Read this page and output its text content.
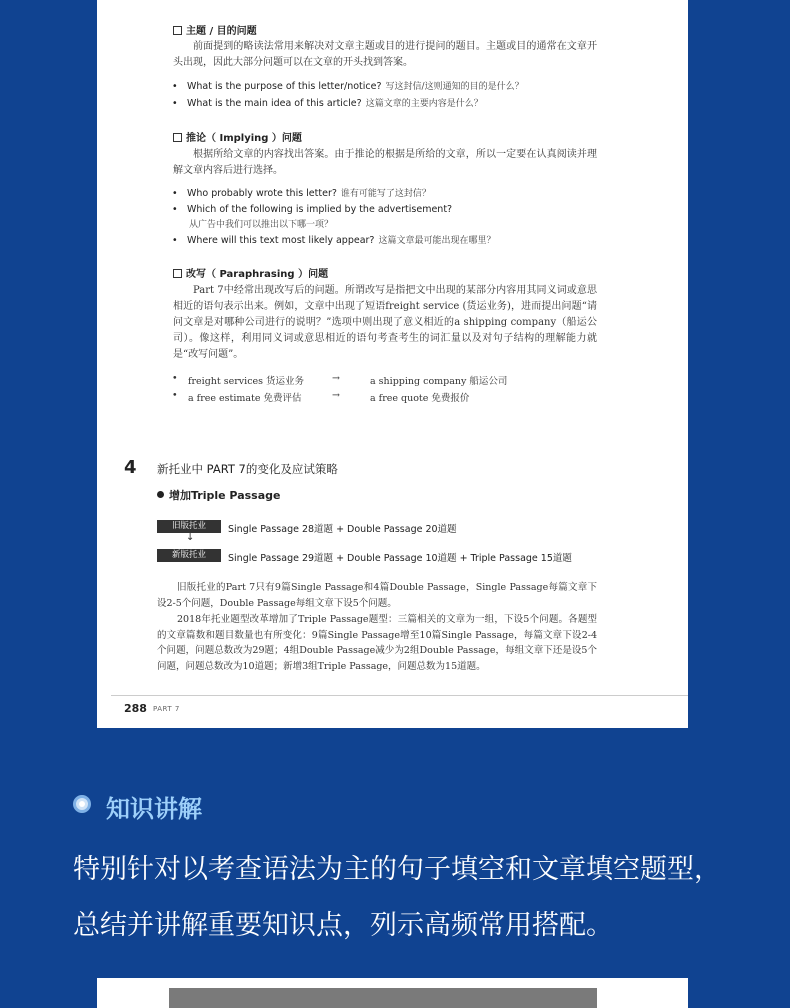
主题 / 目的问题

前面提到的略读法常用来解决对文章主题或目的进行提问的题目。主题或目的通常在文章开头出现，因此大部分问题可以在文章的开头找到答案。

• What is the purpose of this letter/notice? 写这封信/这则通知的目的是什么？
• What is the main idea of this article? 这篇文章的主要内容是什么？
推论（ Implying ）问题

根据所给文章的内容找出答案。由于推论的根据是所给的文章，所以一定要在认真阅读并理解文章内容后进行选择。

• Who probably wrote this letter? 谁有可能写了这封信？
• Which of the following is implied by the advertisement?
从广告中我们可以推出以下哪一项？
• Where will this text most likely appear? 这篇文章最可能出现在哪里？
改写（ Paraphrasing ）问题

Part 7中经常出现改写后的问题。所谓改写是指把文中出现的某部分内容用其同义词或意思相近的语句表示出来。例如，文章中出现了短语freight service (货运业务)，进而提出问题“请问文章是对哪种公司进行的说明？”选项中则出现了意义相近的a shipping company（船运公司）。像这样，利用同义词或意思相近的语句考查考生的词汇量以及对句子结构的理解能力就是“改写问题”。

• freight services 货运业务	→	a shipping company 船运公司
• a free estimate 免费评估	→	a free quote 免费报价
4 新托业中 PART 7的变化及应试策略
增加Triple Passage
旧版托业	Single Passage 28道题 + Double Passage 20道题
↓
新版托业	Single Passage 29道题 + Double Passage 10道题 + Triple Passage 15道题

旧版托业的Part 7只有9篇Single Passage和4篇Double Passage，Single Passage每篇文章下设2-5个问题，Double Passage每组文章下设5个问题。

2018年托业题型改革增加了Triple Passage题型：三篇相关的文章为一组，下设5个问题。各题型的文章篇数和题目数量也有所变化：9篇Single Passage增至10篇Single Passage，每篇文章下设2-4个问题，问题总数改为29题；4组Double Passage减少为2组Double Passage，每组文章下还是设5个问题，问题总数改为10道题；新增3组Triple Passage，问题总数为15道题。

288 PART 7
知识讲解

特别针对以考查语法为主的句子填空和文章填空题型，总结并讲解重要知识点，列示高频常用搭配。
